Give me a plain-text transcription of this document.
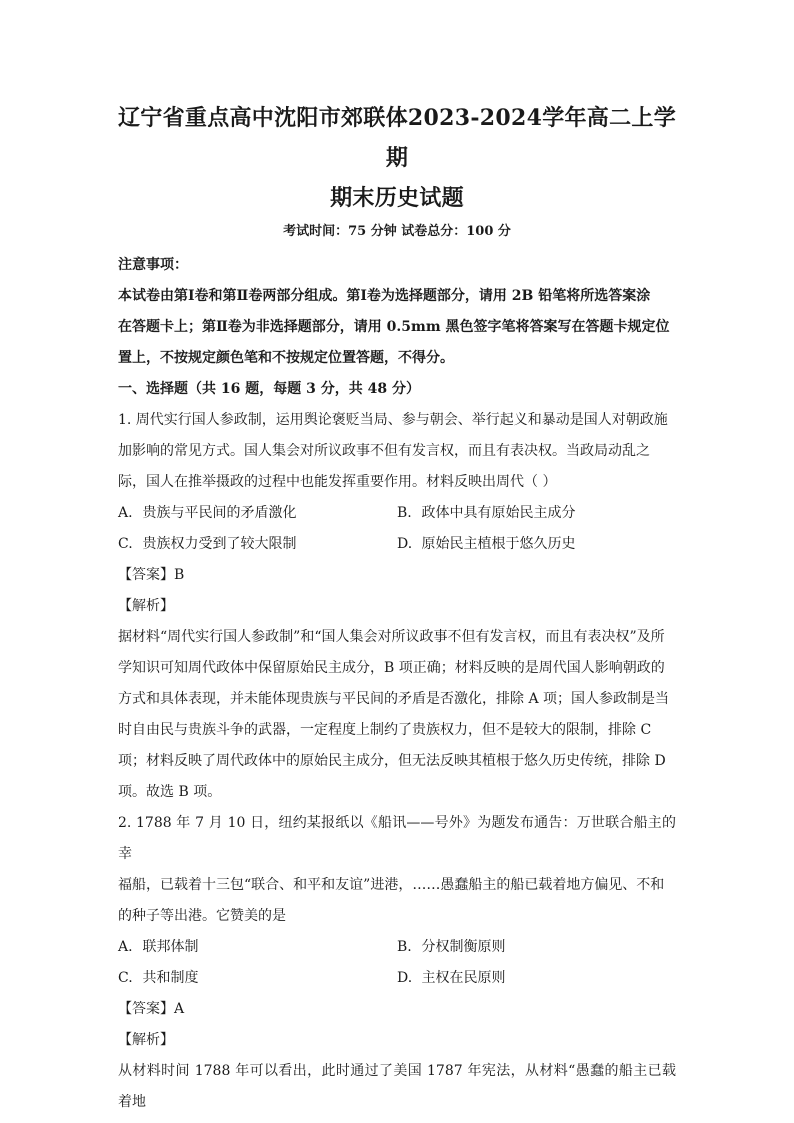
辽宁省重点高中沈阳市郊联体2023-2024学年高二上学期
期末历史试题
考试时间：75 分钟 试卷总分：100 分

注意事项：

本试卷由第Ⅰ卷和第Ⅱ卷两部分组成。第Ⅰ卷为选择题部分，请用 2B 铅笔将所选答案涂

在答题卡上；第Ⅱ卷为非选择题部分，请用 0.5mm 黑色签字笔将答案写在答题卡规定位

置上，不按规定颜色笔和不按规定位置答题，不得分。

一、选择题（共 16 题，每题 3 分，共 48 分）

1. 周代实行国人参政制，运用舆论褒贬当局、参与朝会、举行起义和暴动是国人对朝政施

加影响的常见方式。国人集会对所议政事不但有发言权，而且有表决权。当政局动乱之

际，国人在推举摄政的过程中也能发挥重要作用。材料反映出周代（ ）

A. 贵族与平民间的矛盾激化	B. 政体中具有原始民主成分
C. 贵族权力受到了较大限制	D. 原始民主植根于悠久历史

【答案】B

【解析】

据材料“周代实行国人参政制”和“国人集会对所议政事不但有发言权，而且有表决权”及所

学知识可知周代政体中保留原始民主成分，B 项正确；材料反映的是周代国人影响朝政的

方式和具体表现，并未能体现贵族与平民间的矛盾是否激化，排除 A 项；国人参政制是当

时自由民与贵族斗争的武器，一定程度上制约了贵族权力，但不是较大的限制，排除 C

项；材料反映了周代政体中的原始民主成分，但无法反映其植根于悠久历史传统，排除 D

项。故选 B 项。

2. 1788 年 7 月 10 日，纽约某报纸以《船讯——号外》为题发布通告：万世联合船主的幸

福船，已载着十三包“联合、和平和友谊”进港，……愚蠢船主的船已载着地方偏见、不和

的种子等出港。它赞美的是

A. 联邦体制	B. 分权制衡原则
C. 共和制度	D. 主权在民原则

【答案】A

【解析】

从材料时间 1788 年可以看出，此时通过了美国 1787 年宪法，从材料“愚蠢的船主已载着地
